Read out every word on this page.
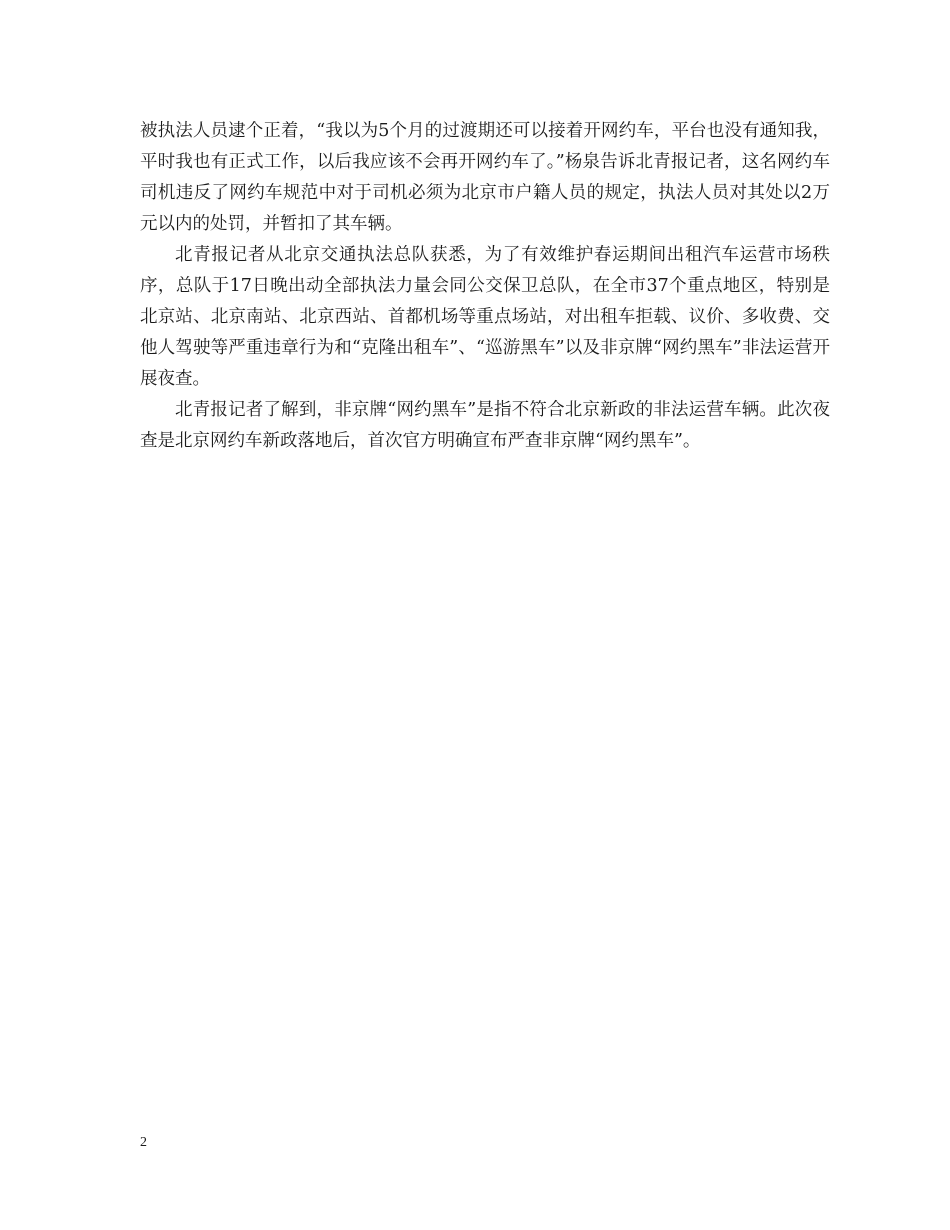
被执法人员逮个正着，“我以为5个月的过渡期还可以接着开网约车，平台也没有通知我，平时我也有正式工作，以后我应该不会再开网约车了。”杨泉告诉北青报记者，这名网约车司机违反了网约车规范中对于司机必须为北京市户籍人员的规定，执法人员对其处以2万元以内的处罚，并暂扣了其车辆。

北青报记者从北京交通执法总队获悉，为了有效维护春运期间出租汽车运营市场秩序，总队于17日晚出动全部执法力量会同公交保卫总队，在全市37个重点地区，特别是北京站、北京南站、北京西站、首都机场等重点场站，对出租车拒载、议价、多收费、交他人驾驶等严重违章行为和“克隆出租车”、“巡游黑车”以及非京牌“网约黑车”非法运营开展夜查。

北青报记者了解到，非京牌“网约黑车”是指不符合北京新政的非法运营车辆。此次夜查是北京网约车新政落地后，首次官方明确宣布严查非京牌“网约黑车”。

2
